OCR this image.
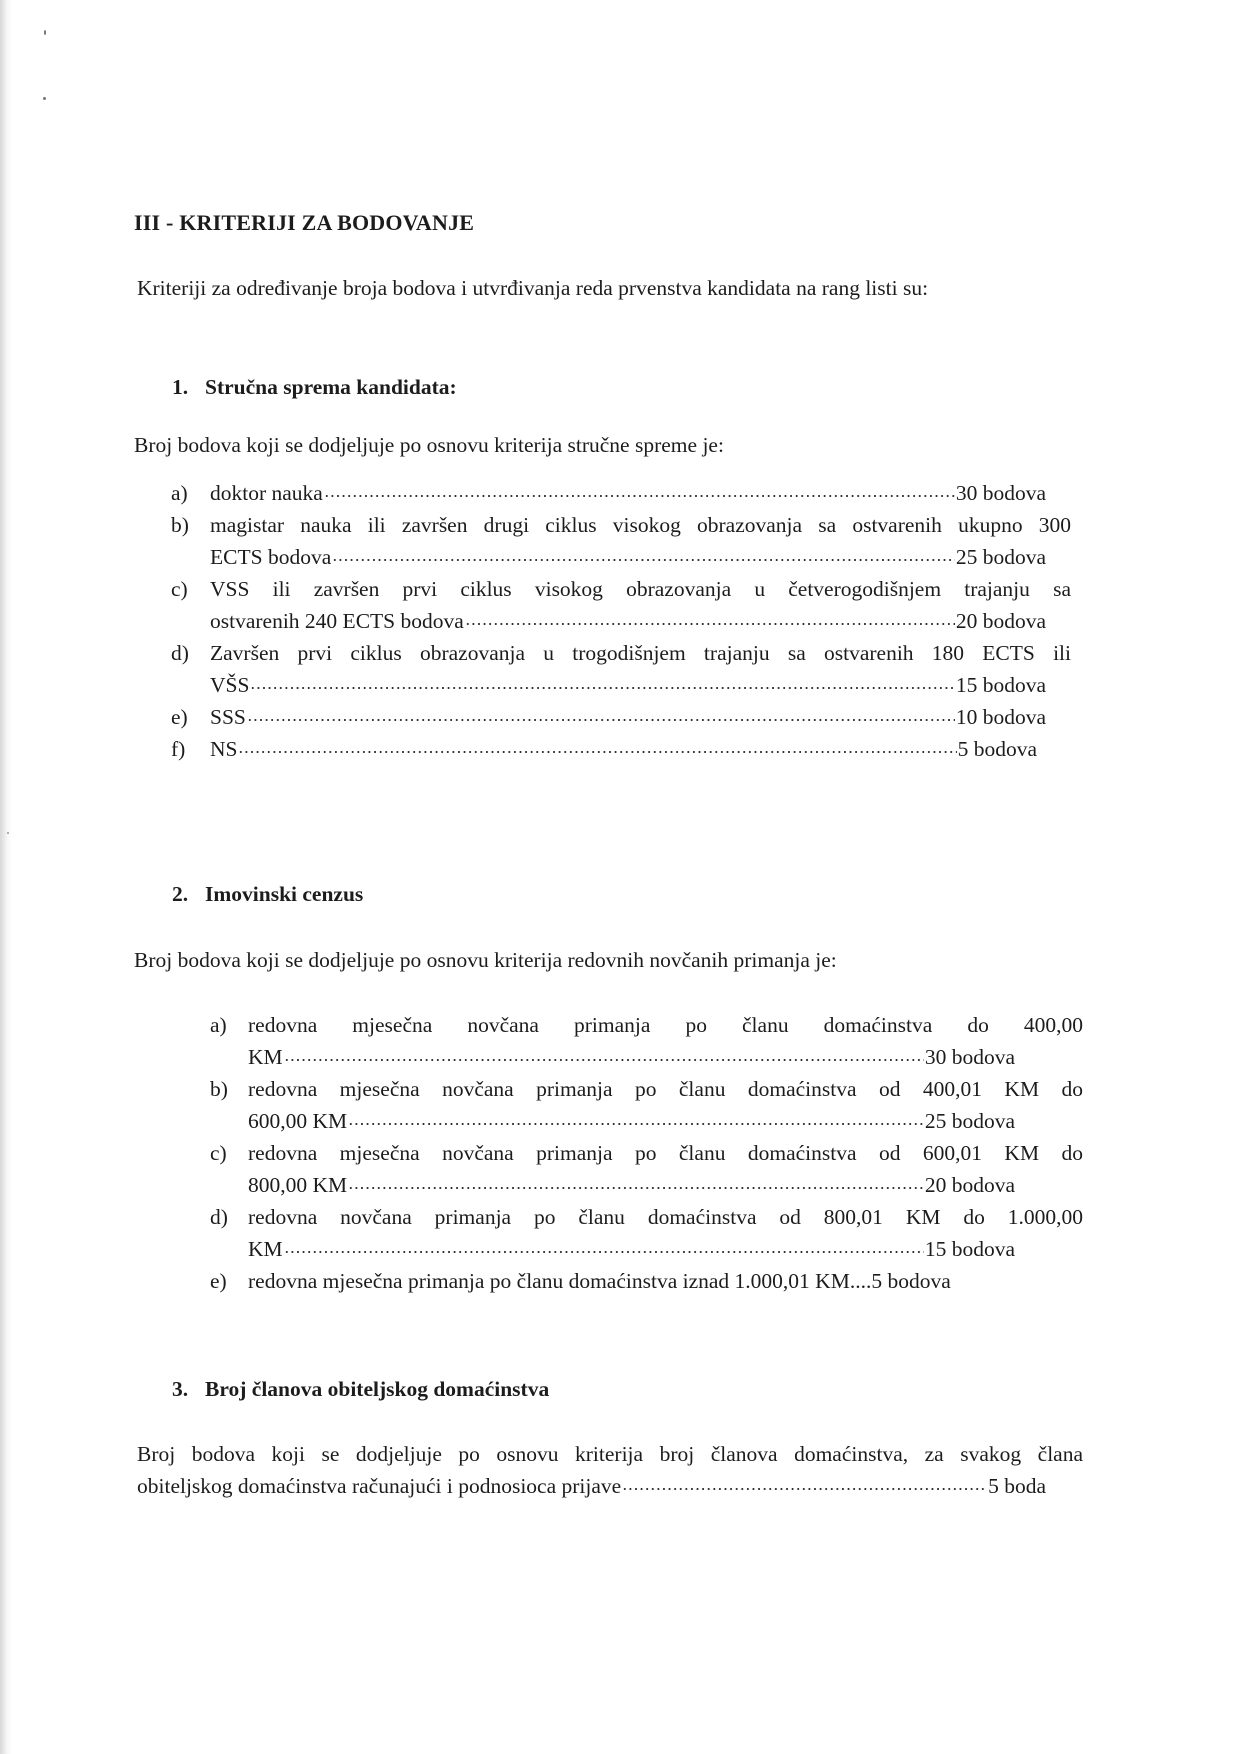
III - KRITERIJI ZA BODOVANJE
Kriteriji za određivanje broja bodova i utvrđivanja reda prvenstva kandidata na rang listi su:
1. Stručna sprema kandidata:
Broj bodova koji se dodjeljuje po osnovu kriterija stručne spreme je:
a) doktor nauka	30 bodova
b) magistar nauka ili završen drugi ciklus visokog obrazovanja sa ostvarenih ukupno 300
ECTS bodova	25 bodova
c) VSS ili završen prvi ciklus visokog obrazovanja u četverogodišnjem trajanju sa
ostvarenih 240 ECTS bodova	20 bodova
d) Završen prvi ciklus obrazovanja u trogodišnjem trajanju sa ostvarenih 180 ECTS ili
VŠS	15 bodova
e) SSS	10 bodova
f) NS	5 bodova
2. Imovinski cenzus
Broj bodova koji se dodjeljuje po osnovu kriterija redovnih novčanih primanja je:
a) redovna mjesečna novčana primanja po članu domaćinstva do 400,00
KM	30 bodova
b) redovna mjesečna novčana primanja po članu domaćinstva od 400,01 KM do
600,00 KM	25 bodova
c) redovna mjesečna novčana primanja po članu domaćinstva od 600,01 KM do
800,00 KM	20 bodova
d) redovna novčana primanja po članu domaćinstva od 800,01 KM do 1.000,00
KM	15 bodova
e) redovna mjesečna primanja po članu domaćinstva iznad 1.000,01 KM....5 bodova
3. Broj članova obiteljskog domaćinstva
Broj bodova koji se dodjeljuje po osnovu kriterija broj članova domaćinstva, za svakog člana
obiteljskog domaćinstva računajući i podnosioca prijave	5 boda
